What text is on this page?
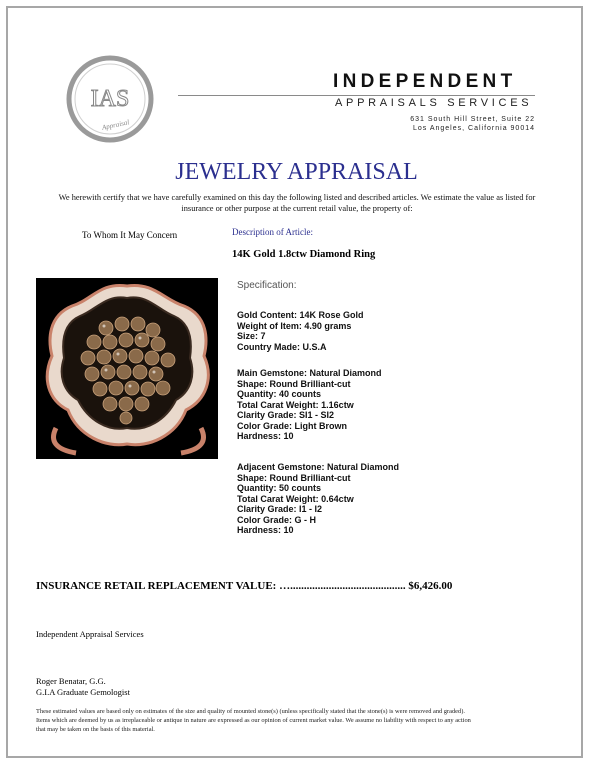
IAS
Appraisal
INDEPENDENT
APPRAISALS SERVICES
631 South Hill Street, Suite 22
Los Angeles, California 90014
JEWELRY APPRAISAL
We herewith certify that we have carefully examined on this day the following listed and described articles. We estimate the value as listed for insurance or other purpose at the current retail value, the property of:
To Whom It May Concern	Description of Article:
14K Gold 1.8ctw Diamond Ring
Specification:
Gold Content: 14K Rose Gold
Weight of Item: 4.90 grams
Size: 7
Country Made: U.S.A
Main Gemstone: Natural Diamond
Shape: Round Brilliant-cut
Quantity: 40 counts
Total Carat Weight: 1.16ctw
Clarity Grade: SI1 - SI2
Color Grade: Light Brown
Hardness: 10
Adjacent Gemstone: Natural Diamond
Shape: Round Brilliant-cut
Quantity: 50 counts
Total Carat Weight: 0.64ctw
Clarity Grade: I1 - I2
Color Grade: G - H
Hardness: 10
INSURANCE RETAIL REPLACEMENT VALUE: ….......................................... $6,426.00
Independent Appraisal Services
Roger Benatar, G.G.
G.I.A Graduate Gemologist
These estimated values are based only on estimates of the size and quality of mounted stone(s) (unless specifically stated that the stone(s) is were removed and graded). Items which are deemed by us as irreplaceable or antique in nature are expressed as our opinion of current market value. We assume no liability with respect to any action that may be taken on the basis of this material.
